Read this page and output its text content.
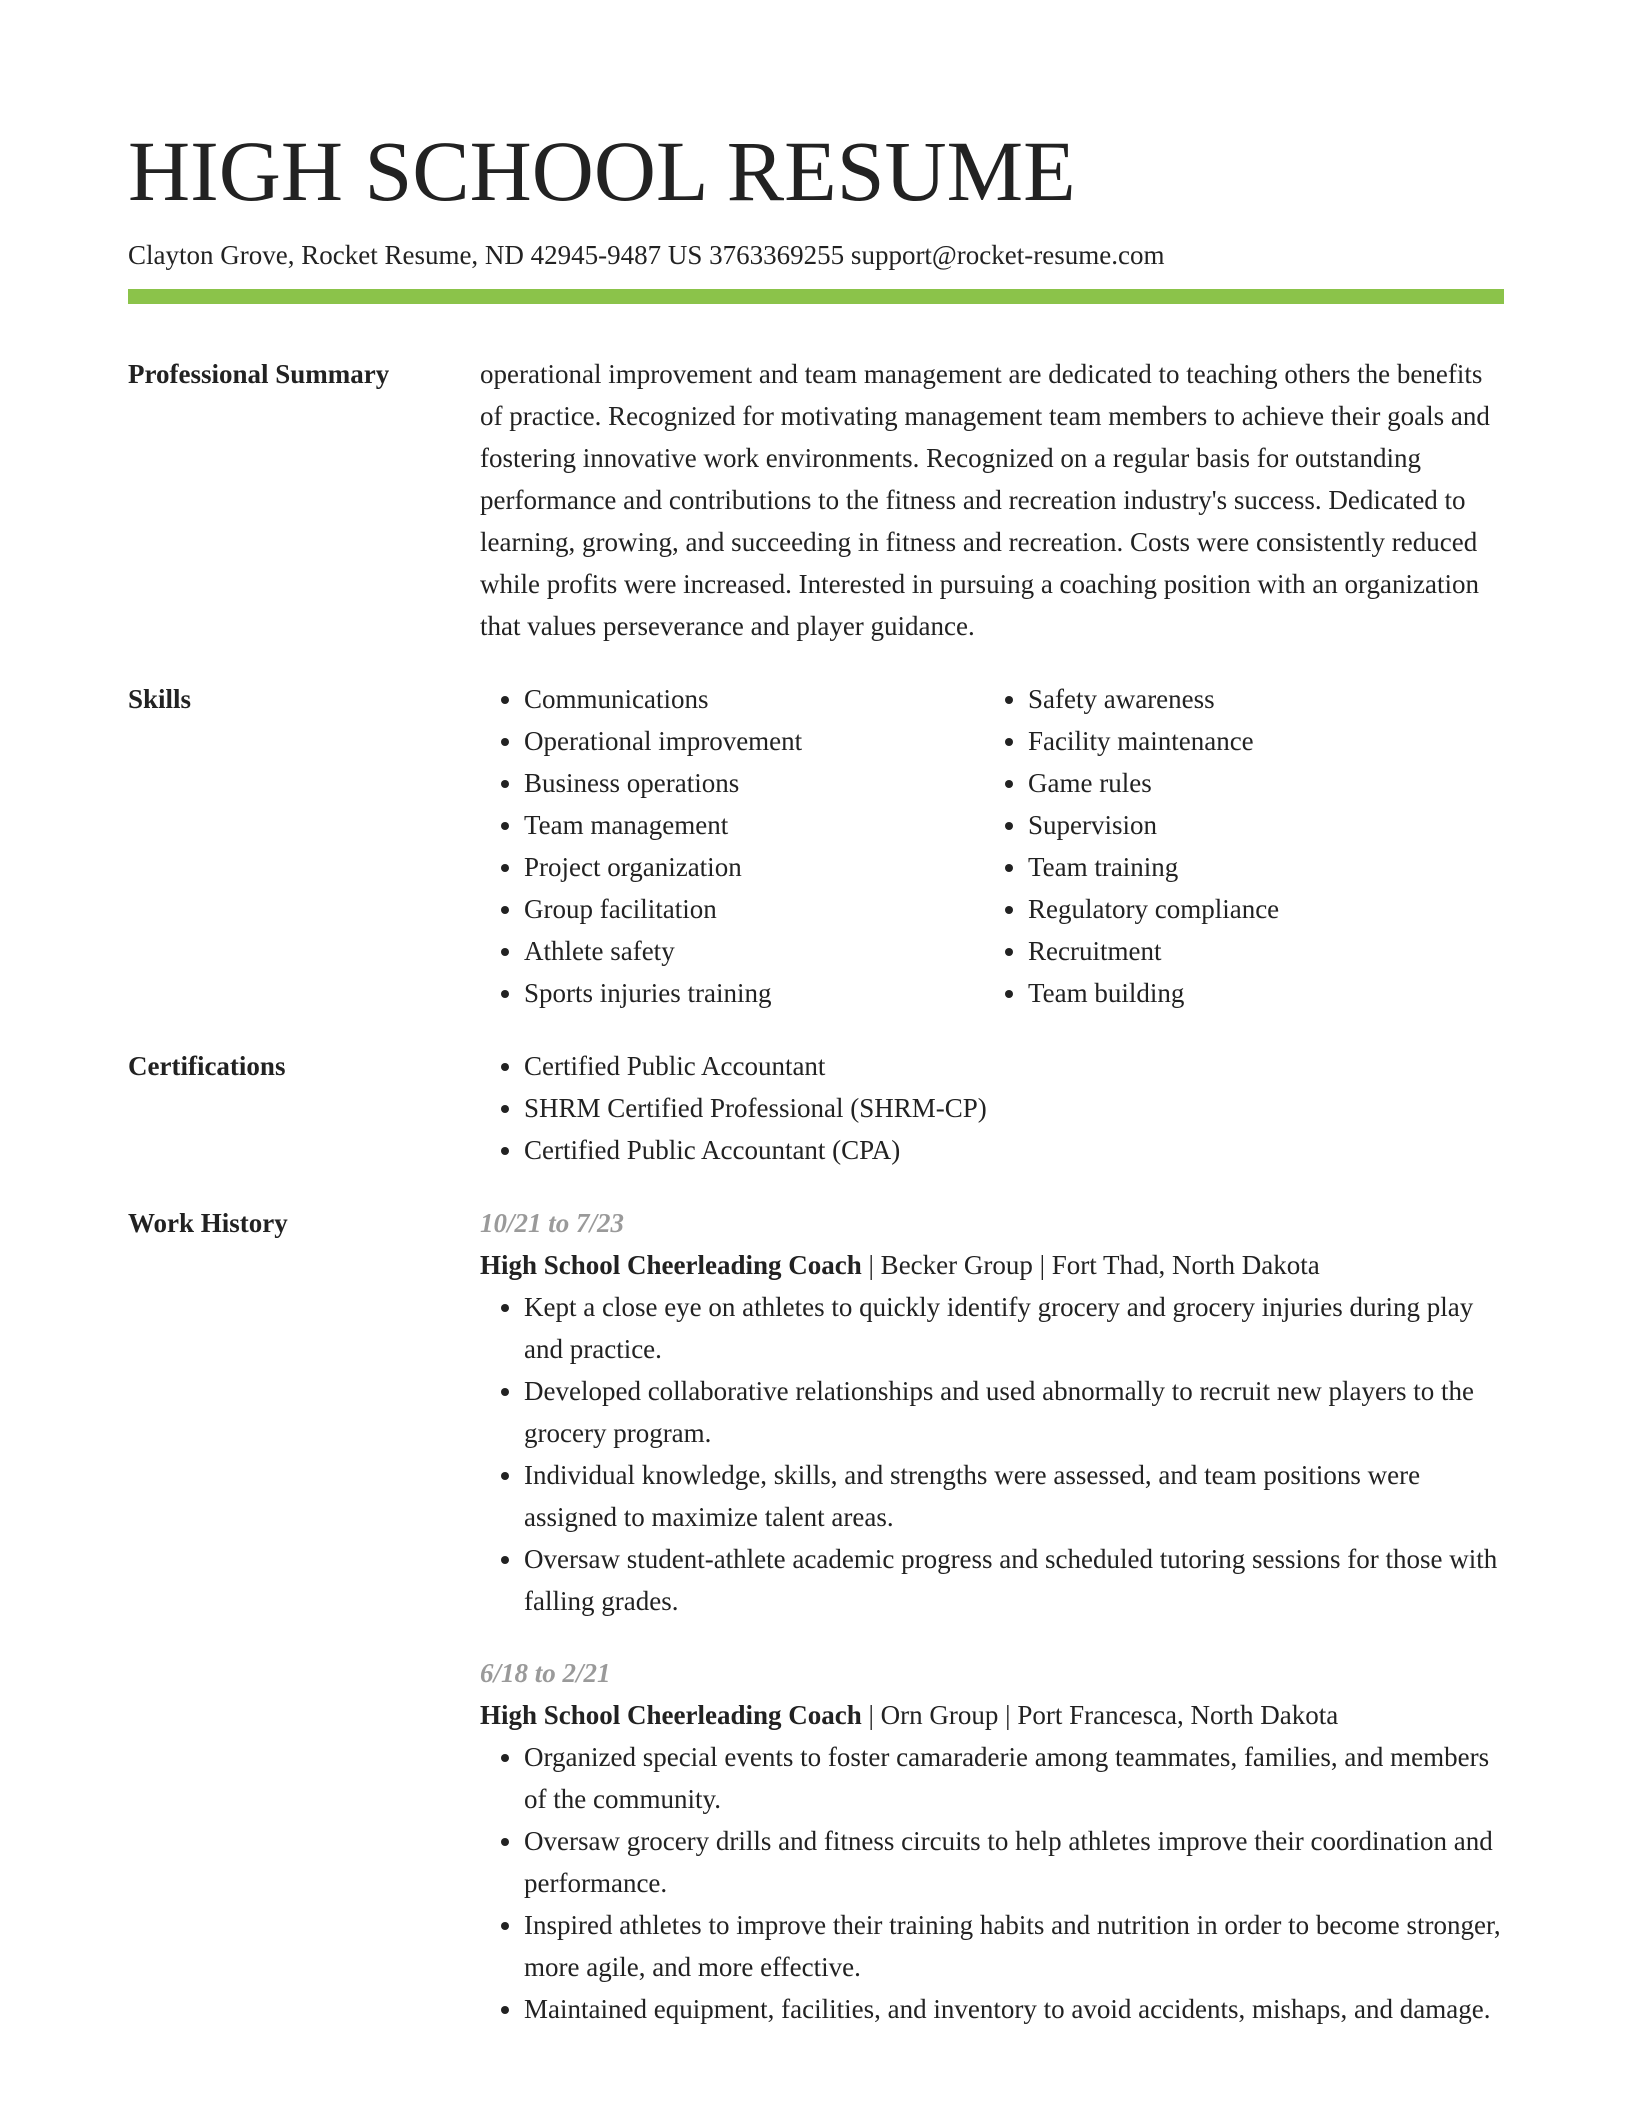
HIGH SCHOOL RESUME
Clayton Grove, Rocket Resume, ND 42945-9487 US 3763369255 support@rocket-resume.com
Professional Summary	operational improvement and team management are dedicated to teaching others the benefits of practice. Recognized for motivating management team members to achieve their goals and fostering innovative work environments. Recognized on a regular basis for outstanding performance and contributions to the fitness and recreation industry's success. Dedicated to learning, growing, and succeeding in fitness and recreation. Costs were consistently reduced while profits were increased. Interested in pursuing a coaching position with an organization that values perseverance and player guidance.

Skills	• Communications
• Operational improvement
• Business operations
• Team management
• Project organization
• Group facilitation
• Athlete safety
• Sports injuries training
• Safety awareness
• Facility maintenance
• Game rules
• Supervision
• Team training
• Regulatory compliance
• Recruitment
• Team building
Certifications	• Certified Public Accountant
• SHRM Certified Professional (SHRM-CP)
• Certified Public Accountant (CPA)
Work History	10/21 to 7/23
High School Cheerleading Coach | Becker Group | Fort Thad, North Dakota
• Kept a close eye on athletes to quickly identify grocery and grocery injuries during play and practice.
• Developed collaborative relationships and used abnormally to recruit new players to the grocery program.
• Individual knowledge, skills, and strengths were assessed, and team positions were assigned to maximize talent areas.
• Oversaw student-athlete academic progress and scheduled tutoring sessions for those with falling grades.
6/18 to 2/21
High School Cheerleading Coach | Orn Group | Port Francesca, North Dakota
• Organized special events to foster camaraderie among teammates, families, and members of the community.
• Oversaw grocery drills and fitness circuits to help athletes improve their coordination and performance.
• Inspired athletes to improve their training habits and nutrition in order to become stronger, more agile, and more effective.
• Maintained equipment, facilities, and inventory to avoid accidents, mishaps, and damage.
